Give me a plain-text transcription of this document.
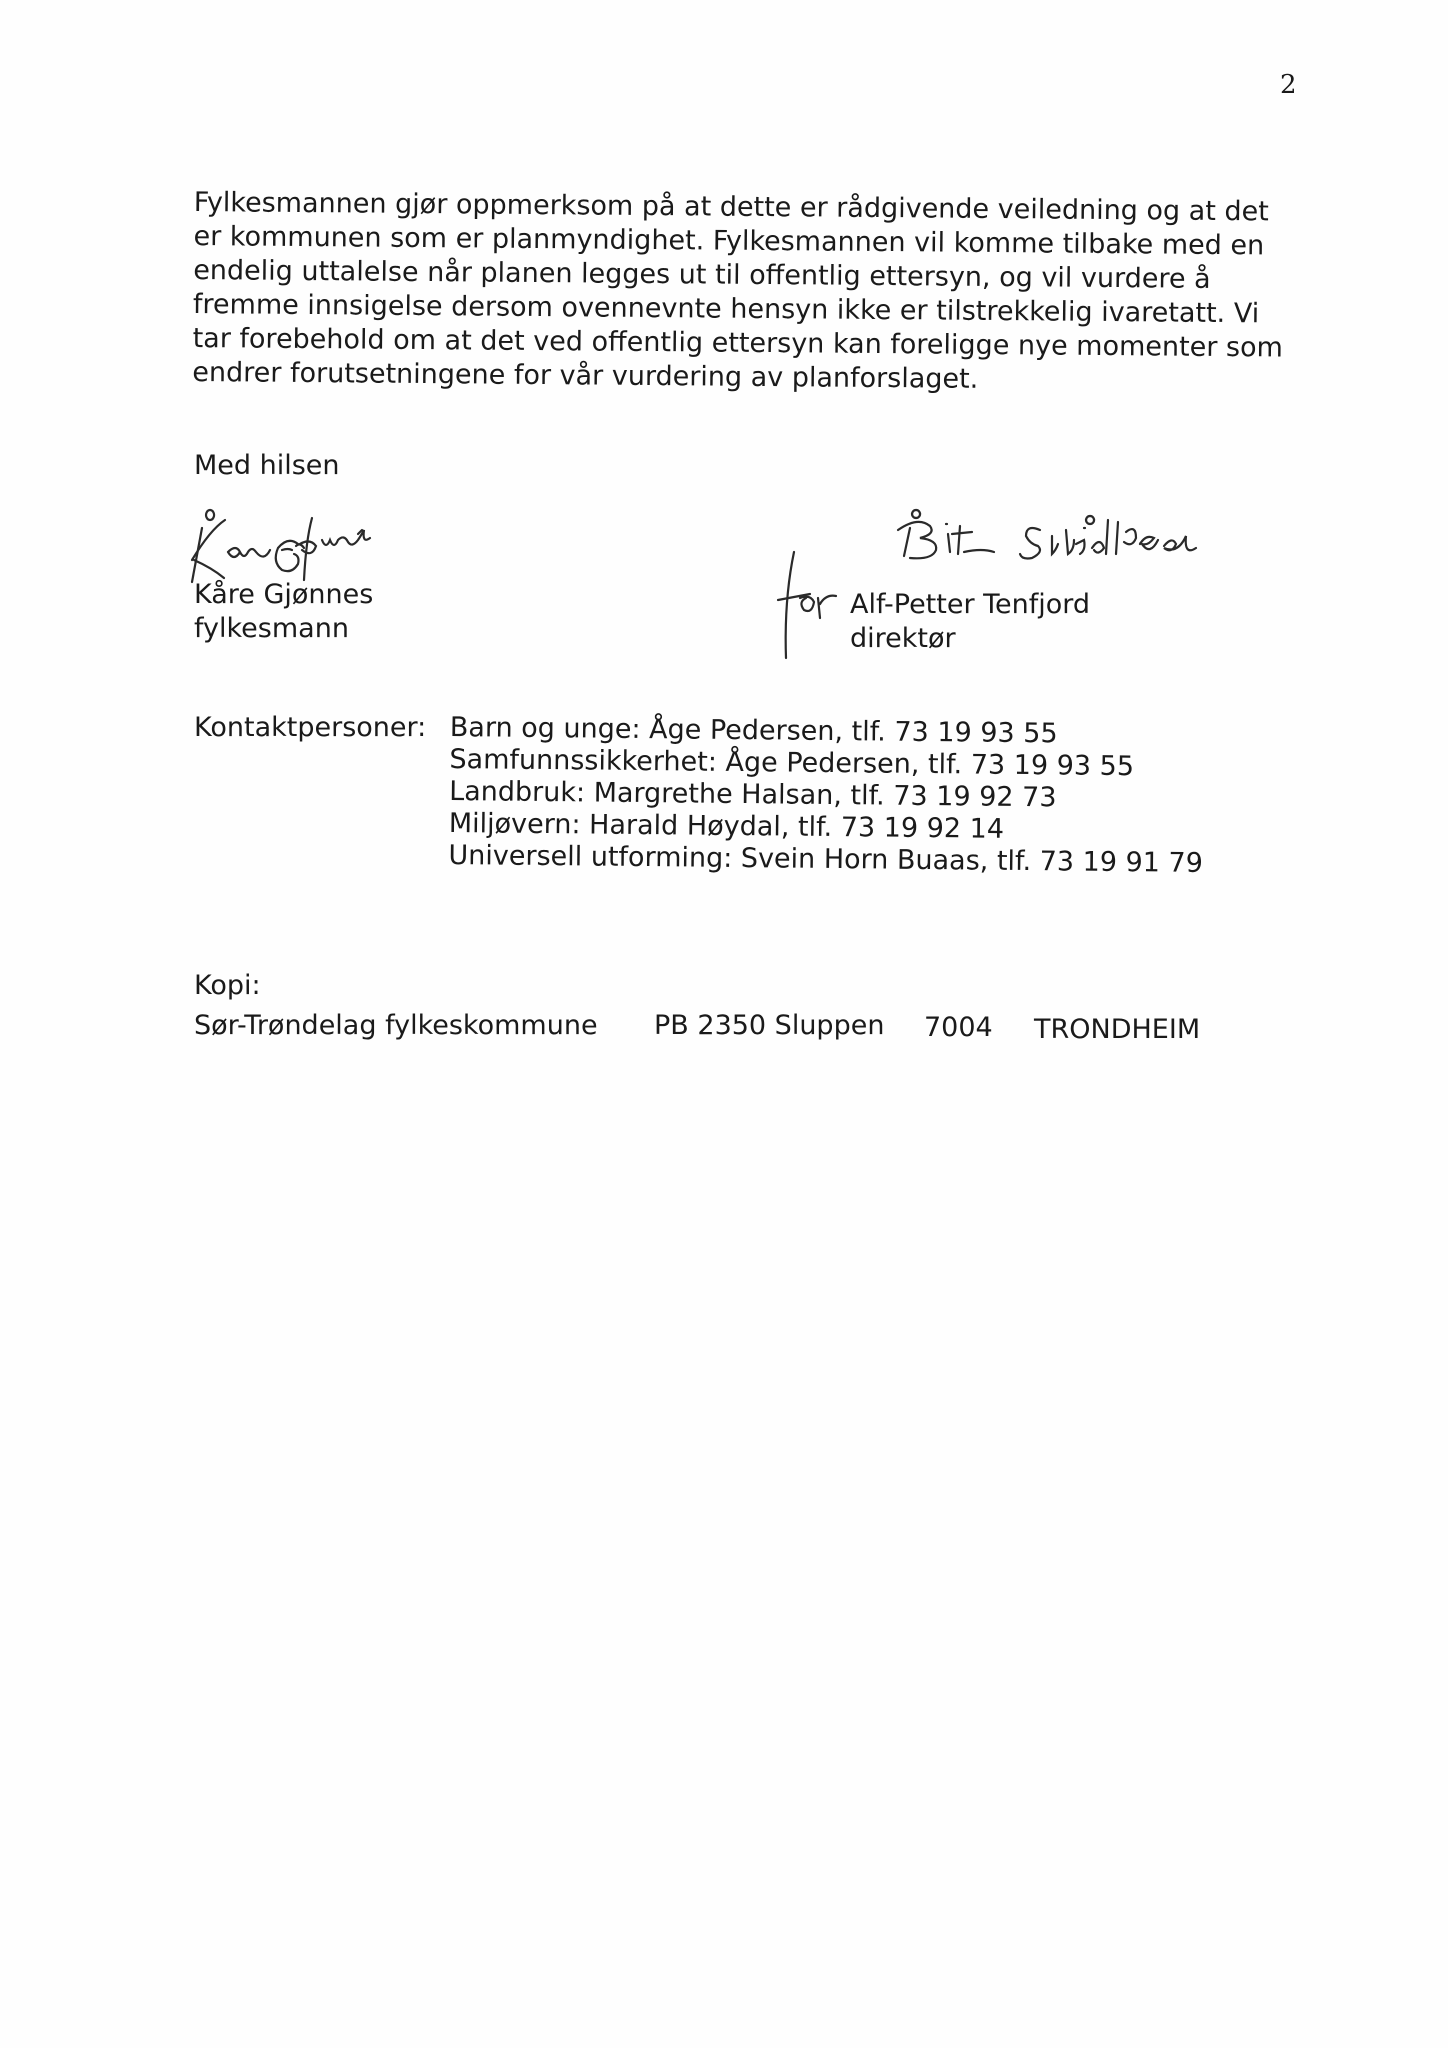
2
Fylkesmannen gjør oppmerksom på at dette er rådgivende veiledning og at det
er kommunen som er planmyndighet. Fylkesmannen vil komme tilbake med en
endelig uttalelse når planen legges ut til offentlig ettersyn, og vil vurdere å
fremme innsigelse dersom ovennevnte hensyn ikke er tilstrekkelig ivaretatt. Vi
tar forebehold om at det ved offentlig ettersyn kan foreligge nye momenter som
endrer forutsetningene for vår vurdering av planforslaget.
Med hilsen
Kåre Gjønnes
fylkesmann
Alf-Petter Tenfjord
direktør
Kontaktpersoner: Barn og unge: Åge Pedersen, tlf. 73 19 93 55
Samfunnssikkerhet: Åge Pedersen, tlf. 73 19 93 55
Landbruk: Margrethe Halsan, tlf. 73 19 92 73
Miljøvern: Harald Høydal, tlf. 73 19 92 14
Universell utforming: Svein Horn Buaas, tlf. 73 19 91 79
Kopi:
Sør-Trøndelag fylkeskommune PB 2350 Sluppen 7004 TRONDHEIM
